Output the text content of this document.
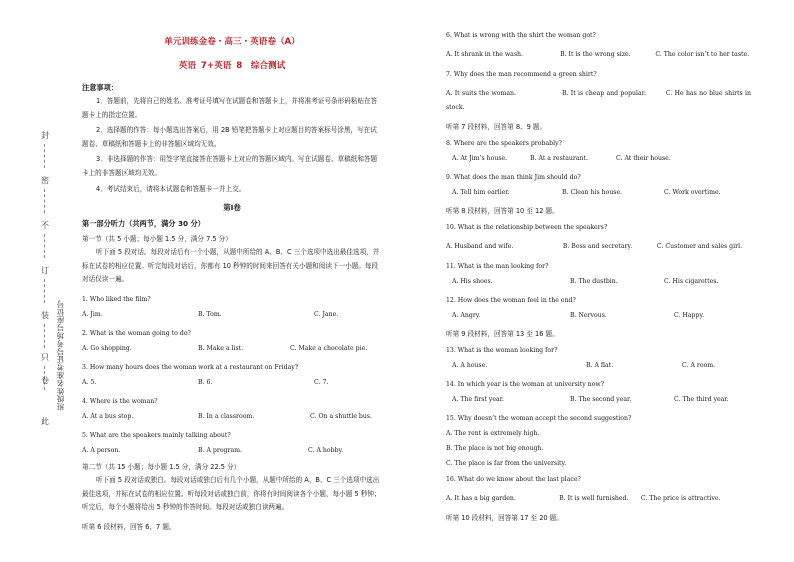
封
密
不
订
装
只
卷
此
班级姓名准考证号考场号座位号
单元训练金卷・高三・英语卷（A）
英语 7+英语 8　综合测试
注意事项：
1．答题前，先将自己的姓名、准考证号填写在试题卷和答题卡上，并将准考证号条形码粘贴在答题卡上的指定位置。
2．选择题的作答：每小题选出答案后，用 2B 铅笔把答题卡上对应题目的答案标号涂黑，写在试题卷、草稿纸和答题卡上的非答题区域均无效。
3．非选择题的作答：用签字笔直接答在答题卡上对应的答题区域内。写在试题卷、草稿纸和答题卡上的非答题区域均无效。
4．考试结束后，请将本试题卷和答题卡一并上交。
第Ⅰ卷
第一部分听力（共两节，满分 30 分）
第一节（共 5 小题；每小题 1.5 分，满分 7.5 分）
听下面 5 段对话。每段对话后有一个小题，从题中所给的 A、B、C 三个选项中选出最佳选项，并标在试卷的相应位置。听完每段对话后，你都有 10 秒钟的时间来回答有关小题和阅读下一小题。每段对话仅读一遍。
1. Who liked the film?
A. Jim.	B. Tom.	C. Jane.
2. What is the woman going to do?
A. Go shopping.	B. Make a list.	C. Make a chocolate pie.
3. How many hours does the woman work at a restaurant on Friday?
A. 5.	B. 6.	C. 7.
4. Where is the woman?
A. At a bus stop.	B. In a classroom.	C. On a shuttle bus.
5. What are the speakers mainly talking about?
A. A person.	B. A program.	C. A hobby.
第二节（共 15 小题；每小题 1.5 分，满分 22.5 分）
听下面 5 段对话或独白。每段对话或独白后有几个小题，从题中所给的 A、B、C 三个选项中选出最佳选项，并标在试卷的相应位置。听每段对话或独白前，你将有时间阅读各个小题，每小题 5 秒钟；听完后，每个小题将给出 5 秒钟的作答时间。每段对话或独白读两遍。
听第 6 段材料，回答 6、7 题。
6. What is wrong with the shirt the woman got?
A. It shrank in the wash.　　　　　　B. It is the wrong size.　　　　C. The color isn’t to her taste.
7. Why does the man recommend a green shirt?
A. It suits the woman.　　　　　　　B. It is cheap and popular.　　　C. He has no blue shirts in stock.
听第 7 段材料，回答第 8、9 题。
8. Where are the speakers probably?
A. At Jim’s house.	B. At a restaurant.	C. At their house.
9. What does the man think Jim should do?
A. Tell him earlier.	B. Clean his house.	C. Work overtime.
听第 8 段材料，回答第 10 至 12 题。
10. What is the relationship between the speakers?
A. Husband and wife.　　　　　　　　B. Boss and secretary.　　　　C. Customer and sales girl.
11. What is the man looking for?
A. His shoes.	B. The dustbin.	C. His cigarettes.
12. How does the woman feel in the end?
A. Angry.	B. Nervous.	C. Happy.
听第 9 段材料，回答第 13 至 16 题。
13. What is the woman looking for?
A. A house.	B. A flat.	C. A room.
14. In which year is the woman at university now?
A. The first year.	B. The second year.	C. The third year.
15. Why doesn’t the woman accept the second suggestion?
A. The rent is extremely high.
B. The place is not big enough.
C. The place is far from the university.
16. What do we know about the last place?
A. It has a big garden.　　　　　　　B. It is well furnished.　　C. The price is attractive.
听第 10 段材料，回答第 17 至 20 题。
